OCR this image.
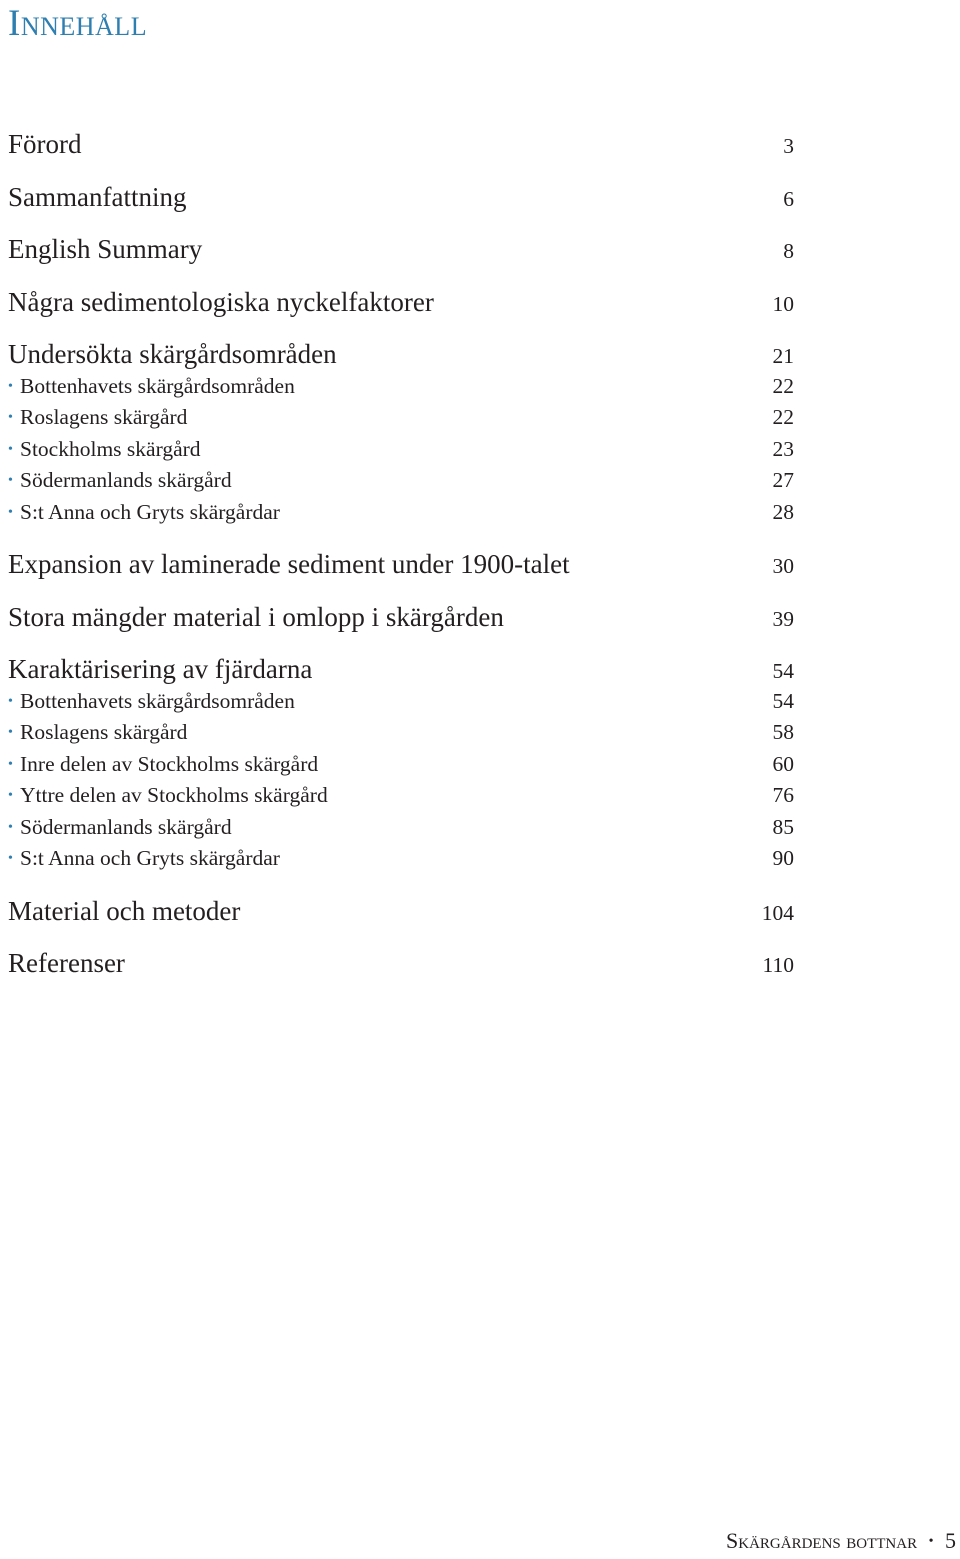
Innehåll
Förord	3
Sammanfattning	6
English Summary	8
Några sedimentologiska nyckelfaktorer	10
Undersökta skärgårdsområden	21
• Bottenhavets skärgårdsområden	22
• Roslagens skärgård	22
• Stockholms skärgård	23
• Södermanlands skärgård	27
• S:t Anna och Gryts skärgårdar	28
Expansion av laminerade sediment under 1900-talet	30
Stora mängder material i omlopp i skärgården	39
Karaktärisering av fjärdarna	54
• Bottenhavets skärgårdsområden	54
• Roslagens skärgård	58
• Inre delen av Stockholms skärgård	60
• Yttre delen av Stockholms skärgård	76
• Södermanlands skärgård	85
• S:t Anna och Gryts skärgårdar	90
Material och metoder	104
Referenser	110
Skärgårdens bottnar • 5
